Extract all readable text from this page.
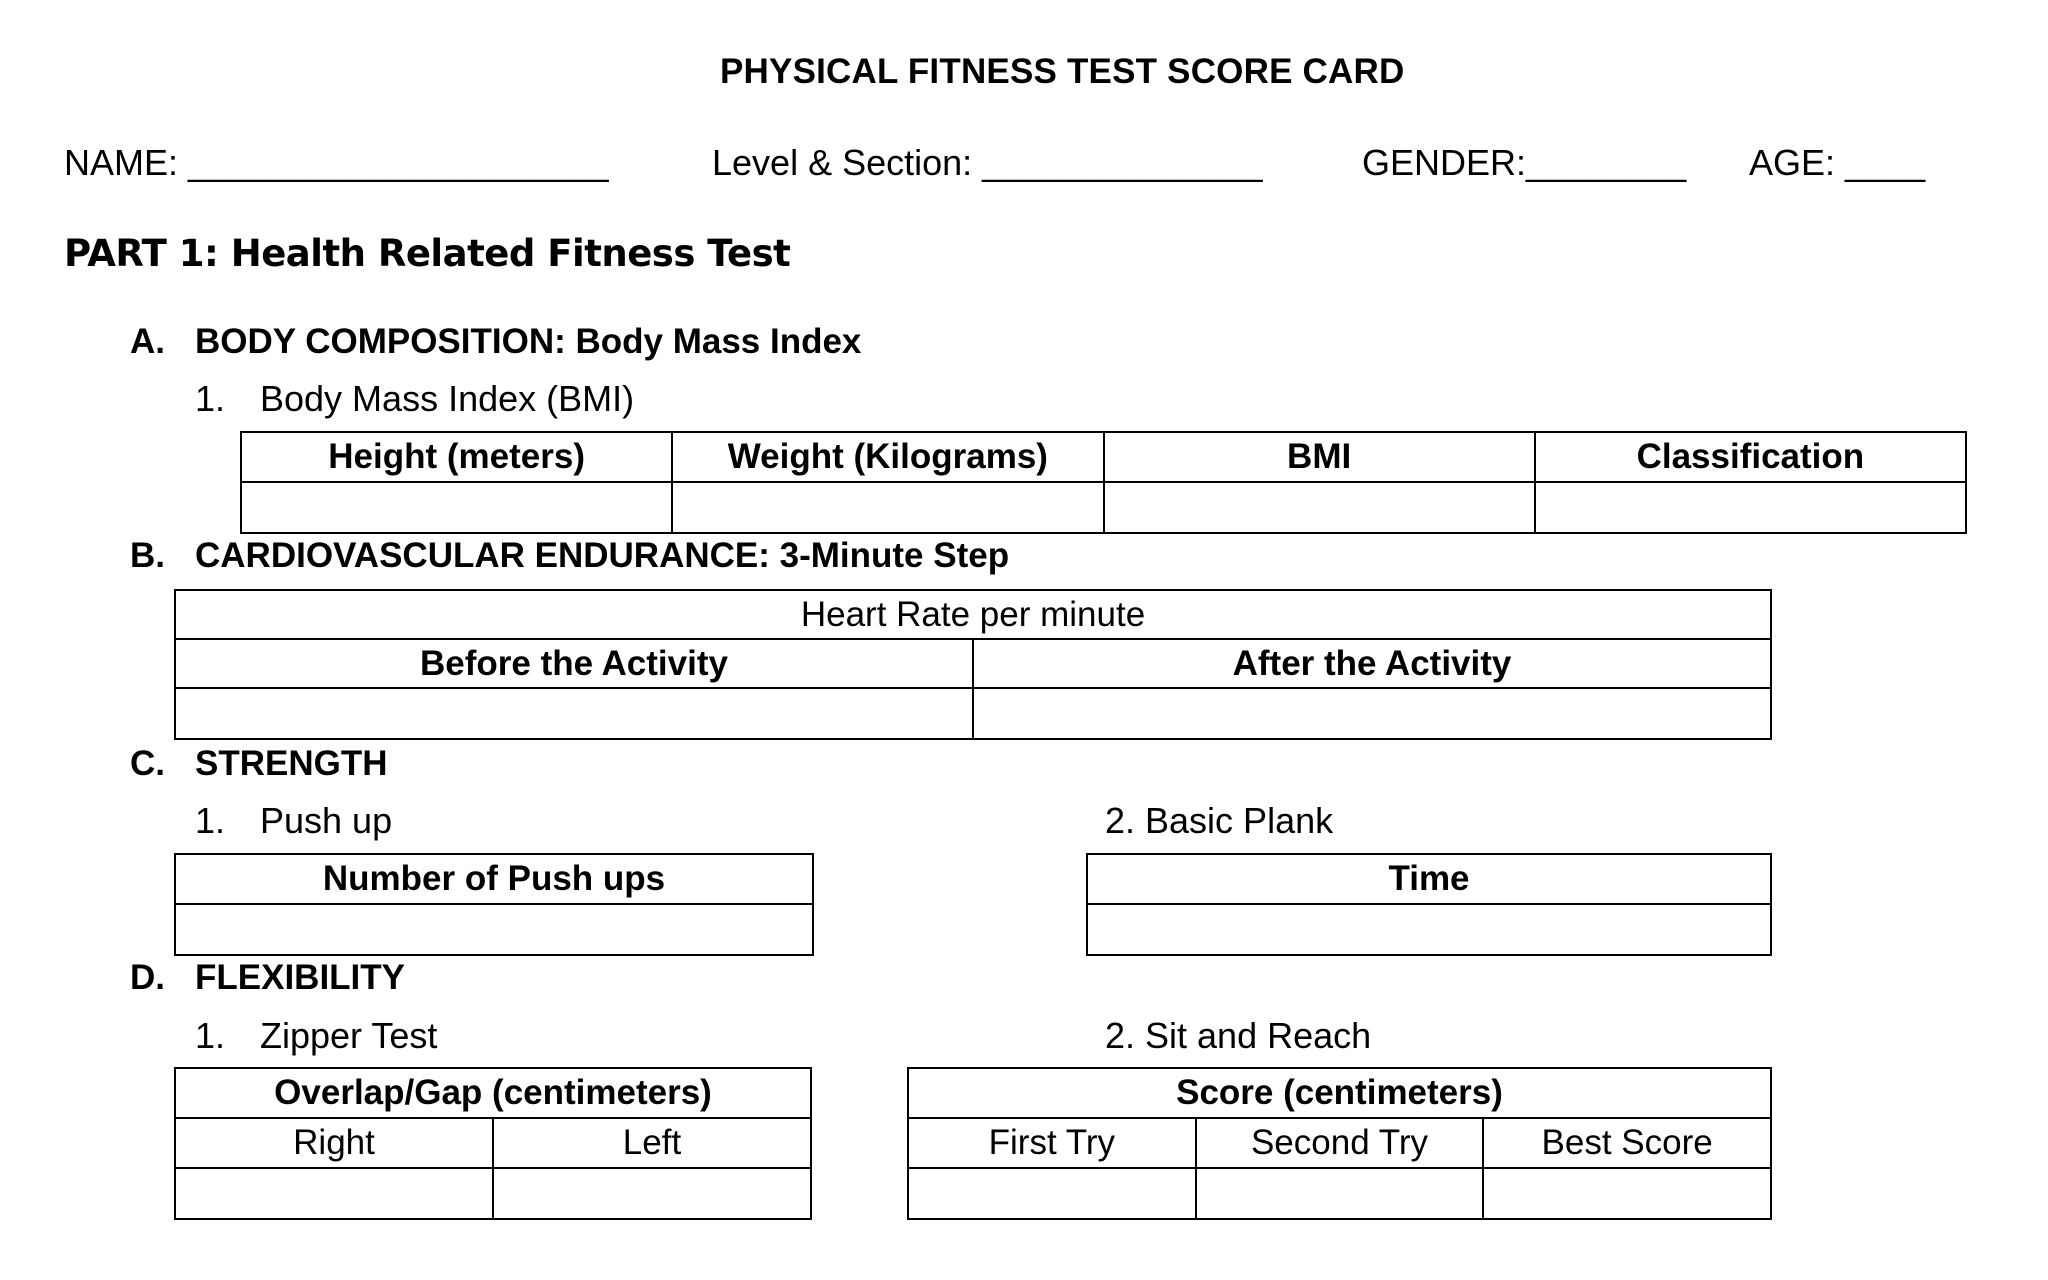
PHYSICAL FITNESS TEST SCORE CARD
NAME: _____________________	Level & Section: ______________	GENDER:________ AGE: ____
PART 1: Health Related Fitness Test
A. BODY COMPOSITION: Body Mass Index
1. Body Mass Index (BMI)
Height (meters)	Weight (Kilograms)	BMI	Classification

B. CARDIOVASCULAR ENDURANCE: 3-Minute Step
Heart Rate per minute	
Before the Activity	After the Activity

C. STRENGTH
1. Push up	2. Basic Plank
Number of Push ups	Time

D. FLEXIBILITY
1. Zipper Test	2. Sit and Reach
Overlap/Gap (centimeters)	
Right	Left

Score (centimeters)		
First Try	Second Try	Best Score
